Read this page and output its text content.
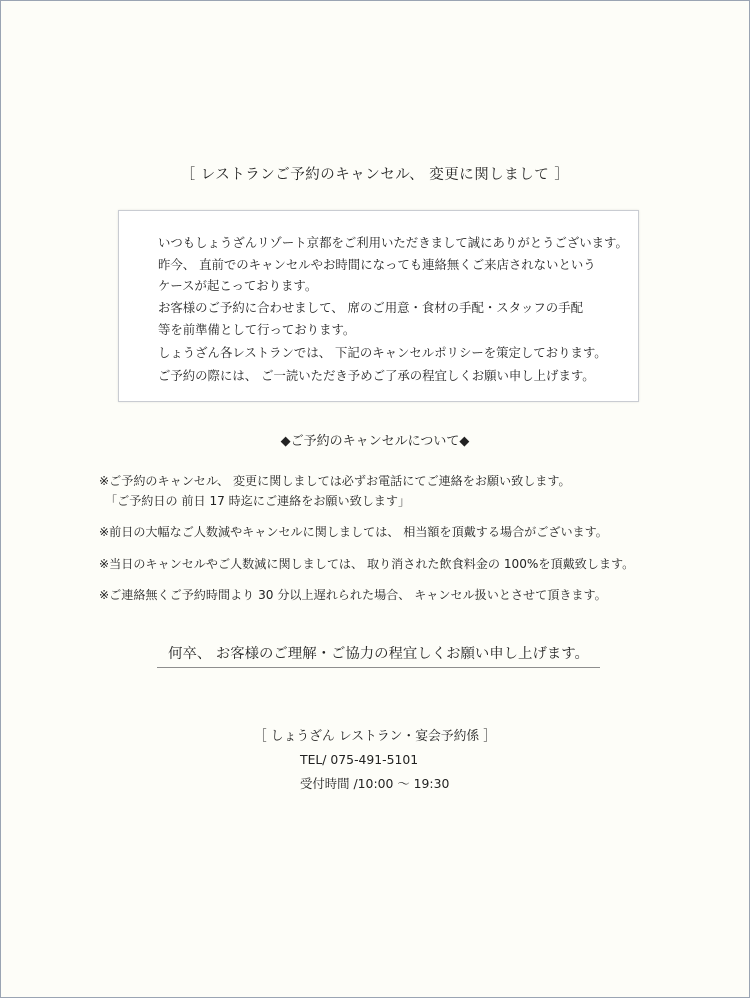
［ レストランご予約のキャンセル、 変更に関しまして ］
いつもしょうざんリゾート京都をご利用いただきまして誠にありがとうございます。
昨今、 直前でのキャンセルやお時間になっても連絡無くご来店されないという
ケースが起こっております。
お客様のご予約に合わせまして、 席のご用意・食材の手配・スタッフの手配
等を前準備として行っております。
しょうざん各レストランでは、 下記のキャンセルポリシーを策定しております。
ご予約の際には、 ご一読いただき予めご了承の程宜しくお願い申し上げます。
◆ご予約のキャンセルについて◆
※ご予約のキャンセル、 変更に関しましては必ずお電話にてご連絡をお願い致します。
「ご予約日の 前日 17 時迄にご連絡をお願い致します」
※前日の大幅なご人数減やキャンセルに関しましては、 相当額を頂戴する場合がございます。
※当日のキャンセルやご人数減に関しましては、 取り消された飲食料金の 100%を頂戴致します。
※ご連絡無くご予約時間より 30 分以上遅れられた場合、 キャンセル扱いとさせて頂きます。
何卒、 お客様のご理解・ご協力の程宜しくお願い申し上げます。
［ しょうざん レストラン・宴会予約係 ］
TEL/ 075-491-5101
受付時間 /10:00 〜 19:30
